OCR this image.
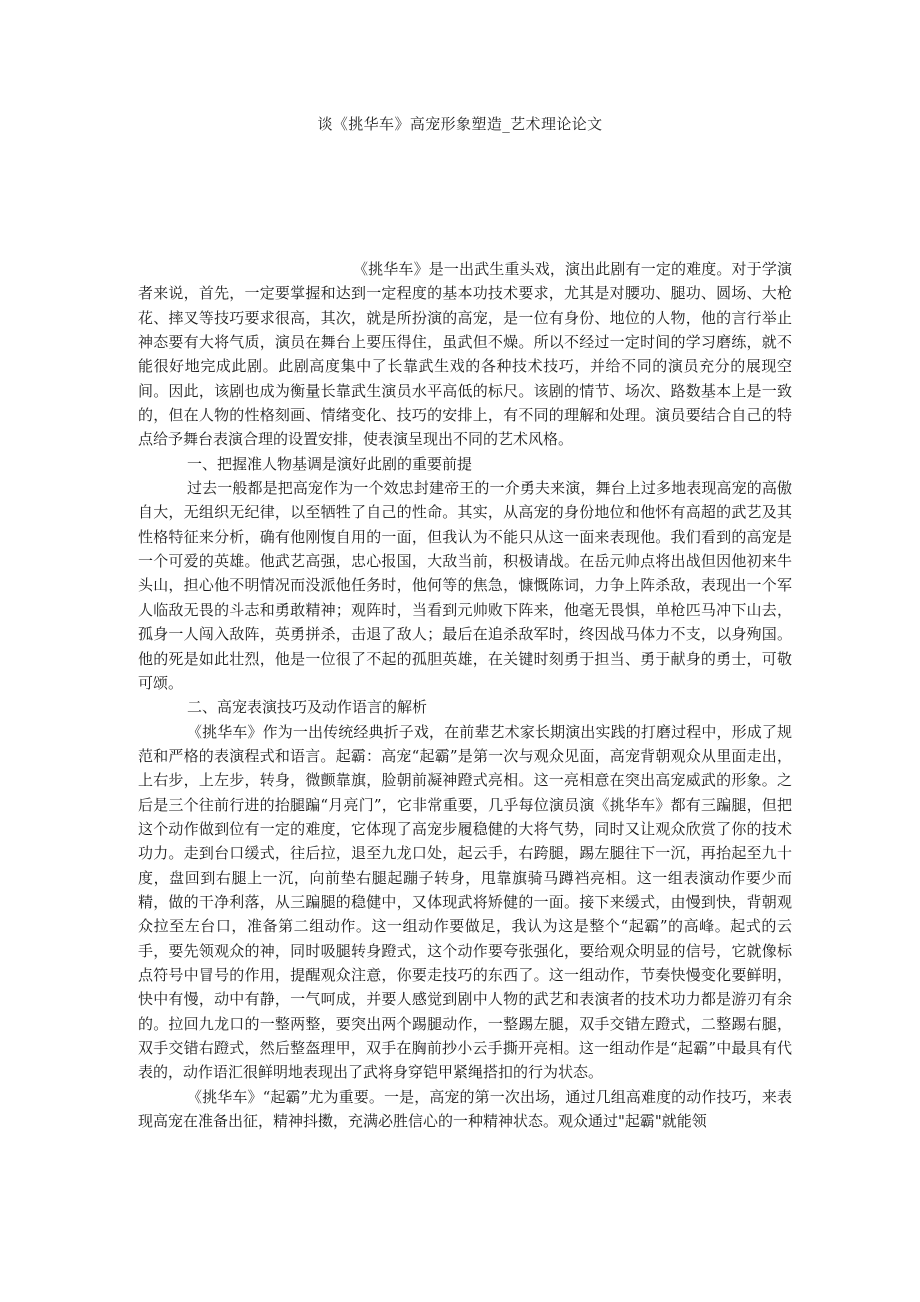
谈《挑华车》高宠形象塑造_艺术理论论文

《挑华车》是一出武生重头戏，演出此剧有一定的难度。对于学演者来说，首先，一定要掌握和达到一定程度的基本功技术要求，尤其是对腰功、腿功、圆场、大枪花、摔叉等技巧要求很高，其次，就是所扮演的高宠，是一位有身份、地位的人物，他的言行举止神态要有大将气质，演员在舞台上要压得住，虽武但不燥。所以不经过一定时间的学习磨练，就不能很好地完成此剧。此剧高度集中了长靠武生戏的各种技术技巧，并给不同的演员充分的展现空间。因此，该剧也成为衡量长靠武生演员水平高低的标尺。该剧的情节、场次、路数基本上是一致的，但在人物的性格刻画、情绪变化、技巧的安排上，有不同的理解和处理。演员要结合自己的特点给予舞台表演合理的设置安排，使表演呈现出不同的艺术风格。

一、把握准人物基调是演好此剧的重要前提

过去一般都是把高宠作为一个效忠封建帝王的一介勇夫来演，舞台上过多地表现高宠的高傲自大，无组织无纪律，以至牺牲了自己的性命。其实，从高宠的身份地位和他怀有高超的武艺及其性格特征来分析，确有他刚愎自用的一面，但我认为不能只从这一面来表现他。我们看到的高宠是一个可爱的英雄。他武艺高强，忠心报国，大敌当前，积极请战。在岳元帅点将出战但因他初来牛头山，担心他不明情况而没派他任务时，他何等的焦急，慷慨陈词，力争上阵杀敌，表现出一个军人临敌无畏的斗志和勇敢精神；观阵时，当看到元帅败下阵来，他毫无畏惧，单枪匹马冲下山去，孤身一人闯入敌阵，英勇拼杀，击退了敌人；最后在追杀敌军时，终因战马体力不支，以身殉国。他的死是如此壮烈，他是一位很了不起的孤胆英雄，在关键时刻勇于担当、勇于献身的勇士，可敬可颂。

二、高宠表演技巧及动作语言的解析

《挑华车》作为一出传统经典折子戏，在前辈艺术家长期演出实践的打磨过程中，形成了规范和严格的表演程式和语言。起霸：高宠“起霸”是第一次与观众见面，高宠背朝观众从里面走出，上右步，上左步，转身，微颤靠旗，脸朝前凝神蹬式亮相。这一亮相意在突出高宠威武的形象。之后是三个往前行进的抬腿蹁“月亮门”，它非常重要，几乎每位演员演《挑华车》都有三蹁腿，但把这个动作做到位有一定的难度，它体现了高宠步履稳健的大将气势，同时又让观众欣赏了你的技术功力。走到台口缓式，往后拉，退至九龙口处，起云手，右跨腿，踢左腿往下一沉，再抬起至九十度，盘回到右腿上一沉，向前垫右腿起蹦子转身，甩靠旗骑马蹲裆亮相。这一组表演动作要少而精，做的干净利落，从三蹁腿的稳健中，又体现武将矫健的一面。接下来缓式，由慢到快，背朝观众拉至左台口，准备第二组动作。这一组动作要做足，我认为这是整个“起霸”的高峰。起式的云手，要先领观众的神，同时吸腿转身蹬式，这个动作要夸张强化，要给观众明显的信号，它就像标点符号中冒号的作用，提醒观众注意，你要走技巧的东西了。这一组动作，节奏快慢变化要鲜明，快中有慢，动中有静，一气呵成，并要人感觉到剧中人物的武艺和表演者的技术功力都是游刃有余的。拉回九龙口的一整两整，要突出两个踢腿动作，一整踢左腿，双手交错左蹬式，二整踢右腿，双手交错右蹬式，然后整盔理甲，双手在胸前抄小云手撕开亮相。这一组动作是“起霸”中最具有代表的，动作语汇很鲜明地表现出了武将身穿铠甲紧绳搭扣的行为状态。

《挑华车》“起霸”尤为重要。一是，高宠的第一次出场，通过几组高难度的动作技巧，来表现高宠在准备出征，精神抖擞，充满必胜信心的一种精神状态。观众通过"起霸"就能领
